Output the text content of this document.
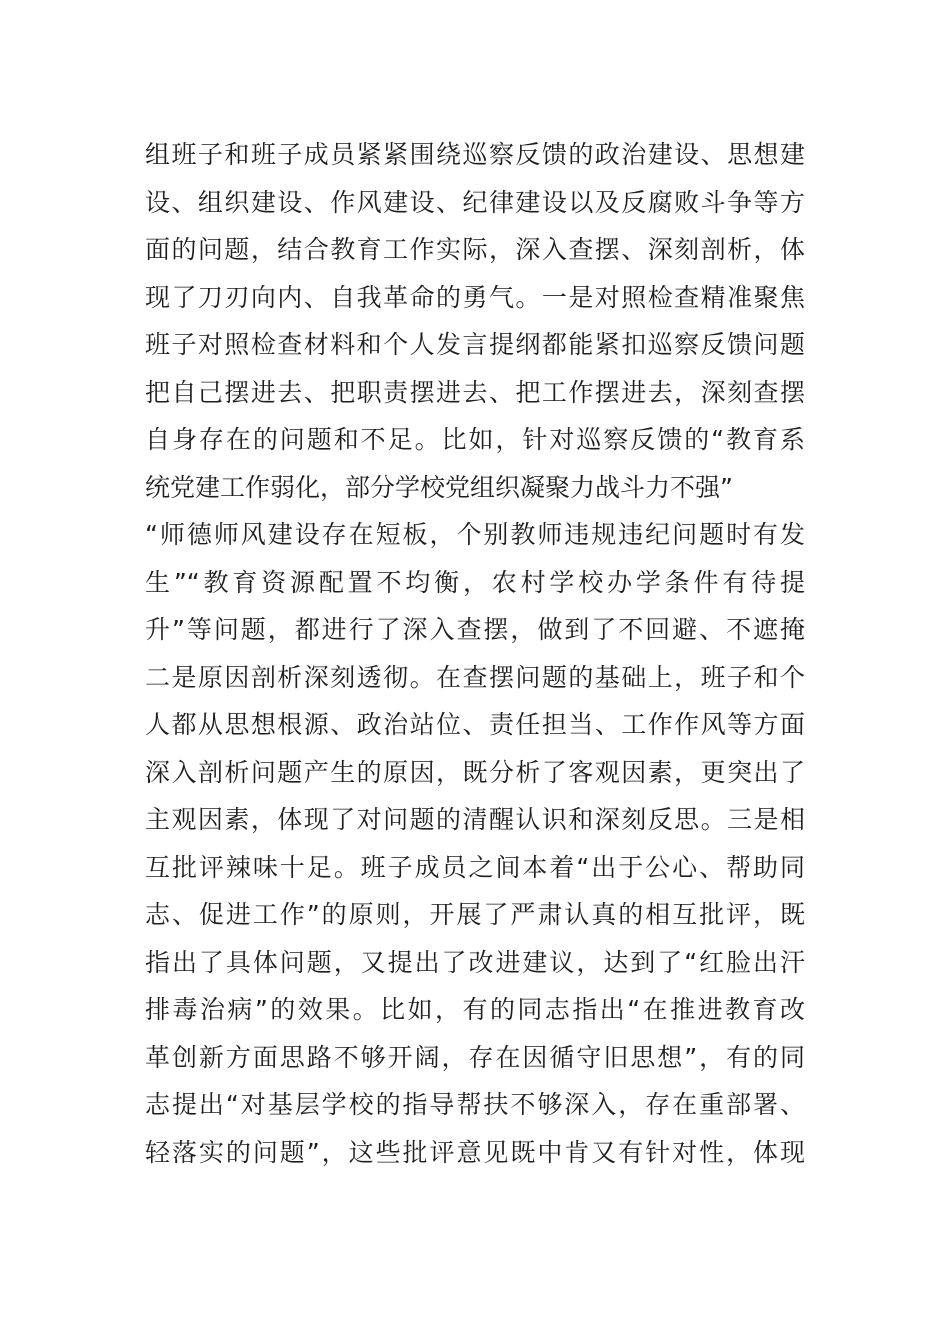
组班子和班子成员紧紧围绕巡察反馈的政治建设、思想建
设、组织建设、作风建设、纪律建设以及反腐败斗争等方
面的问题，结合教育工作实际，深入查摆、深刻剖析，体
现了刀刃向内、自我革命的勇气。一是对照检查精准聚焦
班子对照检查材料和个人发言提纲都能紧扣巡察反馈问题
把自己摆进去、把职责摆进去、把工作摆进去，深刻查摆
自身存在的问题和不足。比如，针对巡察反馈的“教育系
统党建工作弱化，部分学校党组织凝聚力战斗力不强”
“师德师风建设存在短板，个别教师违规违纪问题时有发
生”“教育资源配置不均衡，农村学校办学条件有待提
升”等问题，都进行了深入查摆，做到了不回避、不遮掩
二是原因剖析深刻透彻。在查摆问题的基础上，班子和个
人都从思想根源、政治站位、责任担当、工作作风等方面
深入剖析问题产生的原因，既分析了客观因素，更突出了
主观因素，体现了对问题的清醒认识和深刻反思。三是相
互批评辣味十足。班子成员之间本着“出于公心、帮助同
志、促进工作”的原则，开展了严肃认真的相互批评，既
指出了具体问题，又提出了改进建议，达到了“红脸出汗
排毒治病”的效果。比如，有的同志指出“在推进教育改
革创新方面思路不够开阔，存在因循守旧思想”，有的同
志提出“对基层学校的指导帮扶不够深入，存在重部署、
轻落实的问题”，这些批评意见既中肯又有针对性，体现
